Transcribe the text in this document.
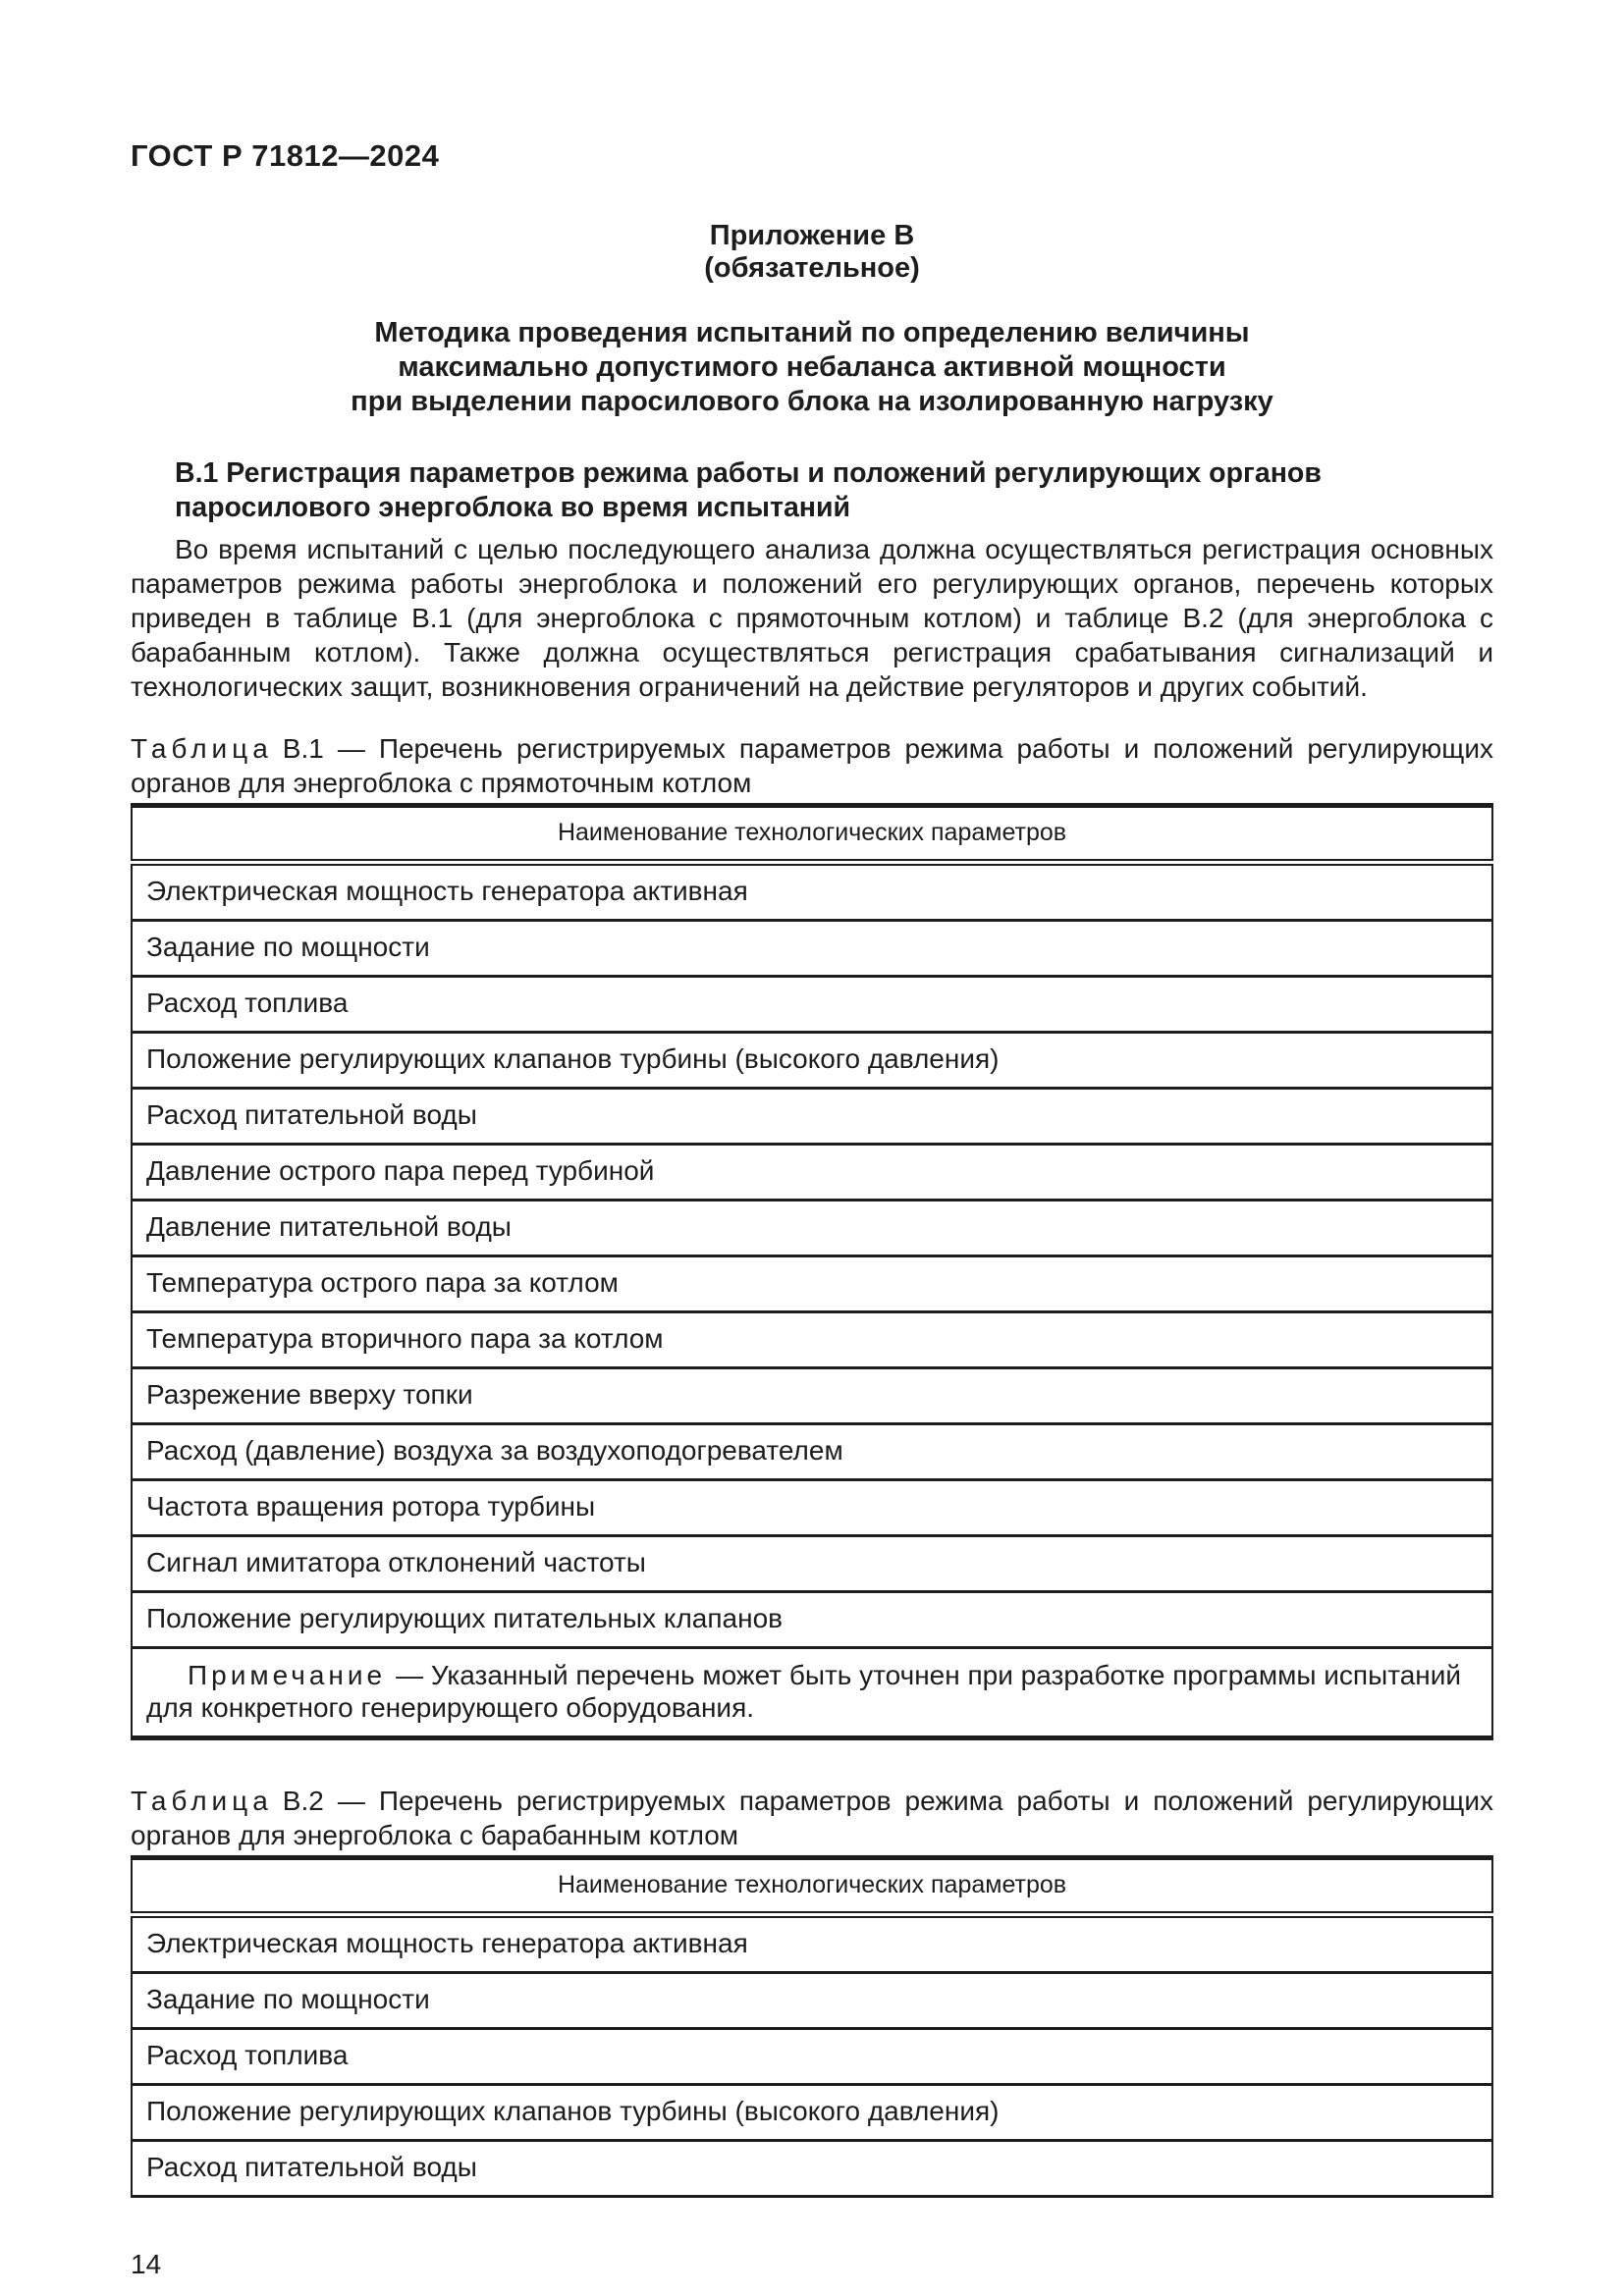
ГОСТ Р 71812—2024
Приложение В
(обязательное)
Методика проведения испытаний по определению величины
максимально допустимого небаланса активной мощности
при выделении паросилового блока на изолированную нагрузку
В.1 Регистрация параметров режима работы и положений регулирующих органов паросилового энергоблока во время испытаний

Во время испытаний с целью последующего анализа должна осуществляться регистрация основных параметров режима работы энергоблока и положений его регулирующих органов, перечень которых приведен в таблице В.1 (для энергоблока с прямоточным котлом) и таблице В.2 (для энергоблока с барабанным котлом). Также должна осуществляться регистрация срабатывания сигнализаций и технологических защит, возникновения ограничений на действие регуляторов и других событий.

Таблица В.1 — Перечень регистрируемых параметров режима работы и положений регулирующих органов для энергоблока с прямоточным котлом
Наименование технологических параметров
Электрическая мощность генератора активная
Задание по мощности
Расход топлива
Положение регулирующих клапанов турбины (высокого давления)
Расход питательной воды
Давление острого пара перед турбиной
Давление питательной воды
Температура острого пара за котлом
Температура вторичного пара за котлом
Разрежение вверху топки
Расход (давление) воздуха за воздухоподогревателем
Частота вращения ротора турбины
Сигнал имитатора отклонений частоты
Положение регулирующих питательных клапанов

Примечание — Указанный перечень может быть уточнен при разработке программы испытаний для конкретного генерирующего оборудования.

Таблица В.2 — Перечень регистрируемых параметров режима работы и положений регулирующих органов для энергоблока с барабанным котлом
Наименование технологических параметров
Электрическая мощность генератора активная
Задание по мощности
Расход топлива
Положение регулирующих клапанов турбины (высокого давления)
Расход питательной воды
14
